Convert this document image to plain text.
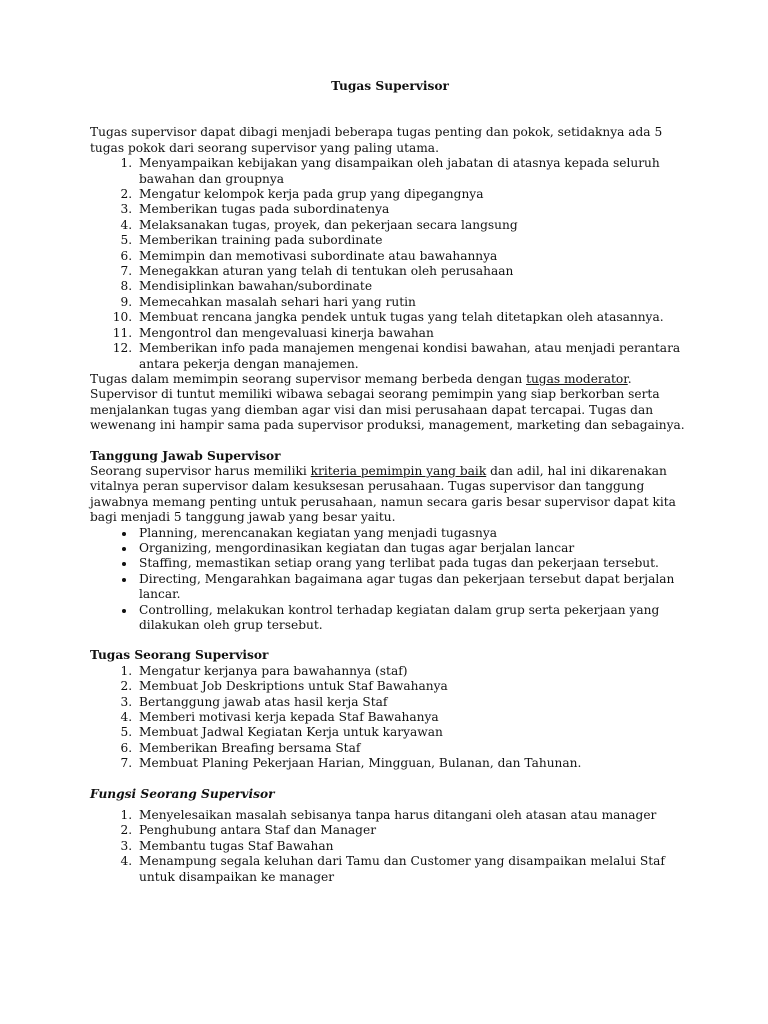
Tugas Supervisor

Tugas supervisor dapat dibagi menjadi beberapa tugas penting dan pokok, setidaknya ada 5 tugas pokok dari seorang supervisor yang paling utama.

1. Menyampaikan kebijakan yang disampaikan oleh jabatan di atasnya kepada seluruh bawahan dan groupnya
2. Mengatur kelompok kerja pada grup yang dipegangnya
3. Memberikan tugas pada subordinatenya
4. Melaksanakan tugas, proyek, dan pekerjaan secara langsung
5. Memberikan training pada subordinate
6. Memimpin dan memotivasi subordinate atau bawahannya
7. Menegakkan aturan yang telah di tentukan oleh perusahaan
8. Mendisiplinkan bawahan/subordinate
9. Memecahkan masalah sehari hari yang rutin
10. Membuat rencana jangka pendek untuk tugas yang telah ditetapkan oleh atasannya.
11. Mengontrol dan mengevaluasi kinerja bawahan
12. Memberikan info pada manajemen mengenai kondisi bawahan, atau menjadi perantara antara pekerja dengan manajemen.

Tugas dalam memimpin seorang supervisor memang berbeda dengan tugas moderator. Supervisor di tuntut memiliki wibawa sebagai seorang pemimpin yang siap berkorban serta menjalankan tugas yang diemban agar visi dan misi perusahaan dapat tercapai. Tugas dan wewenang ini hampir sama pada supervisor produksi, management, marketing dan sebagainya.

Tanggung Jawab Supervisor

Seorang supervisor harus memiliki kriteria pemimpin yang baik dan adil, hal ini dikarenakan vitalnya peran supervisor dalam kesuksesan perusahaan. Tugas supervisor dan tanggung jawabnya memang penting untuk perusahaan, namun secara garis besar supervisor dapat kita bagi menjadi 5 tanggung jawab yang besar yaitu.

• Planning, merencanakan kegiatan yang menjadi tugasnya
• Organizing, mengordinasikan kegiatan dan tugas agar berjalan lancar
• Staffing, memastikan setiap orang yang terlibat pada tugas dan pekerjaan tersebut.
• Directing, Mengarahkan bagaimana agar tugas dan pekerjaan tersebut dapat berjalan lancar.
• Controlling, melakukan kontrol terhadap kegiatan dalam grup serta pekerjaan yang dilakukan oleh grup tersebut.

Tugas Seorang Supervisor

1. Mengatur kerjanya para bawahannya (staf)
2. Membuat Job Deskriptions untuk Staf Bawahanya
3. Bertanggung jawab atas hasil kerja Staf
4. Memberi motivasi kerja kepada Staf Bawahanya
5. Membuat Jadwal Kegiatan Kerja untuk karyawan
6. Memberikan Breafing bersama Staf
7. Membuat Planing Pekerjaan Harian, Mingguan, Bulanan, dan Tahunan.

Fungsi Seorang Supervisor

1. Menyelesaikan masalah sebisanya tanpa harus ditangani oleh atasan atau manager
2. Penghubung antara Staf dan Manager
3. Membantu tugas Staf Bawahan
4. Menampung segala keluhan dari Tamu dan Customer yang disampaikan melalui Staf untuk disampaikan ke manager
